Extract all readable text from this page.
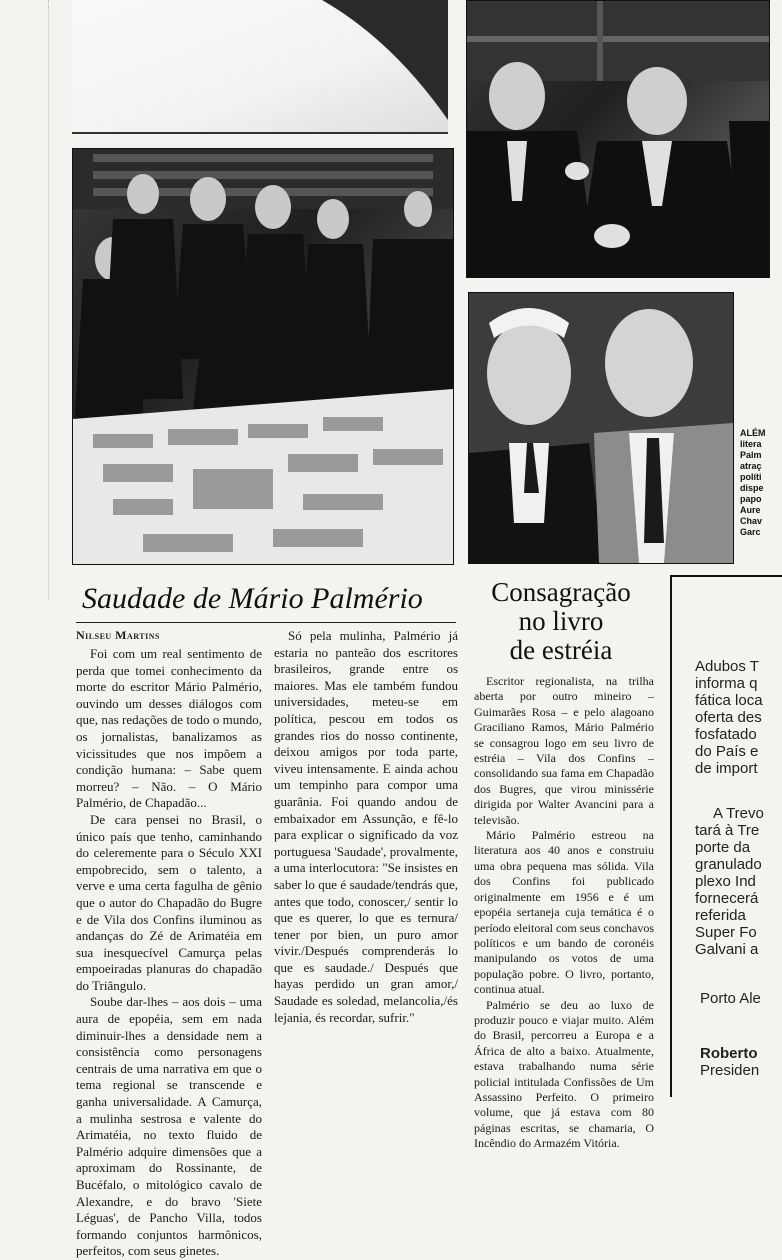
ALÉM
litera
Palm
atraç
políti
dispe
papo
Aure
Chav
Garc
Saudade de Mário Palmério
Nilseu Martins

Foi com um real sentimento de perda que tomei conhecimento da morte do escritor Mário Palmério, ouvindo um desses diálogos com que, nas redações de todo o mundo, os jornalistas, banalizamos as vicissitudes que nos impõem a condição humana: – Sabe quem morreu? – Não. – O Mário Palmério, de Chapadão...

De cara pensei no Brasil, o único país que tenho, caminhando do celeremente para o Século XXI empobrecido, sem o talento, a verve e uma certa fagulha de gênio que o autor do Chapadão do Bugre e de Vila dos Confins iluminou as andanças do Zé de Arimatéia em sua inesquecível Camurça pelas empoeiradas planuras do chapadão do Triângulo.

Soube dar-lhes – aos dois – uma aura de epopéia, sem em nada diminuir-lhes a densidade nem a consistência como personagens centrais de uma narrativa em que o tema regional se transcende e ganha universalidade. A Camurça, a mulinha sestrosa e valente do Arimatéia, no texto fluido de Palmério adquire dimensões que a aproximam do Rossinante, de Bucéfalo, o mitológico cavalo de Alexandre, e do bravo 'Siete Léguas', de Pancho Villa, todos formando conjuntos harmônicos, perfeitos, com seus ginetes.

Só pela mulinha, Palmério já estaria no panteão dos escritores brasileiros, grande entre os maiores. Mas ele também fundou universidades, meteu-se em política, pescou em todos os grandes rios do nosso continente, deixou amigos por toda parte, viveu intensamente. E ainda achou um tempinho para compor uma guarânia. Foi quando andou de embaixador em Assunção, e fê-lo para explicar o significado da voz portuguesa 'Saudade', provalmente, a uma interlocutora: "Se insistes en saber lo que é saudade/tendrás que, antes que todo, conoscer,/ sentir lo que es querer, lo que es ternura/ tener por bien, un puro amor vivir./Después comprenderás lo que es saudade./ Después que hayas perdido un gran amor,/ Saudade es soledad, melancolia,/és lejania, és recordar, sufrir."

Consagração
no livro
de estréia

Escritor regionalista, na trilha aberta por outro mineiro – Guimarães Rosa – e pelo alagoano Graciliano Ramos, Mário Palmério se consagrou logo em seu livro de estréia – Vila dos Confins – consolidando sua fama em Chapadão dos Bugres, que virou minissérie dirigida por Walter Avancini para a televisão.

Mário Palmério estreou na literatura aos 40 anos e construiu uma obra pequena mas sólida. Vila dos Confins foi publicado originalmente em 1956 e é um epopéia sertaneja cuja temática é o período eleitoral com seus conchavos políticos e um bando de coronéis manipulando os votos de uma população pobre. O livro, portanto, continua atual.

Palmério se deu ao luxo de produzir pouco e viajar muito. Além do Brasil, percorreu a Europa e a África de alto a baixo. Atualmente, estava trabalhando numa série policial intitulada Confissões de Um Assassino Perfeito. O primeiro volume, que já estava com 80 páginas escritas, se chamaria, O Incêndio do Armazém Vitória.

Adubos T
informa q
fática loca
oferta des
fosfatado
do País e
de import
A Trevo
tará à Tre
porte da
granulado
plexo Ind
fornecerá
referida
Super Fo
Galvani a
Porto Ale
Roberto
Presiden
